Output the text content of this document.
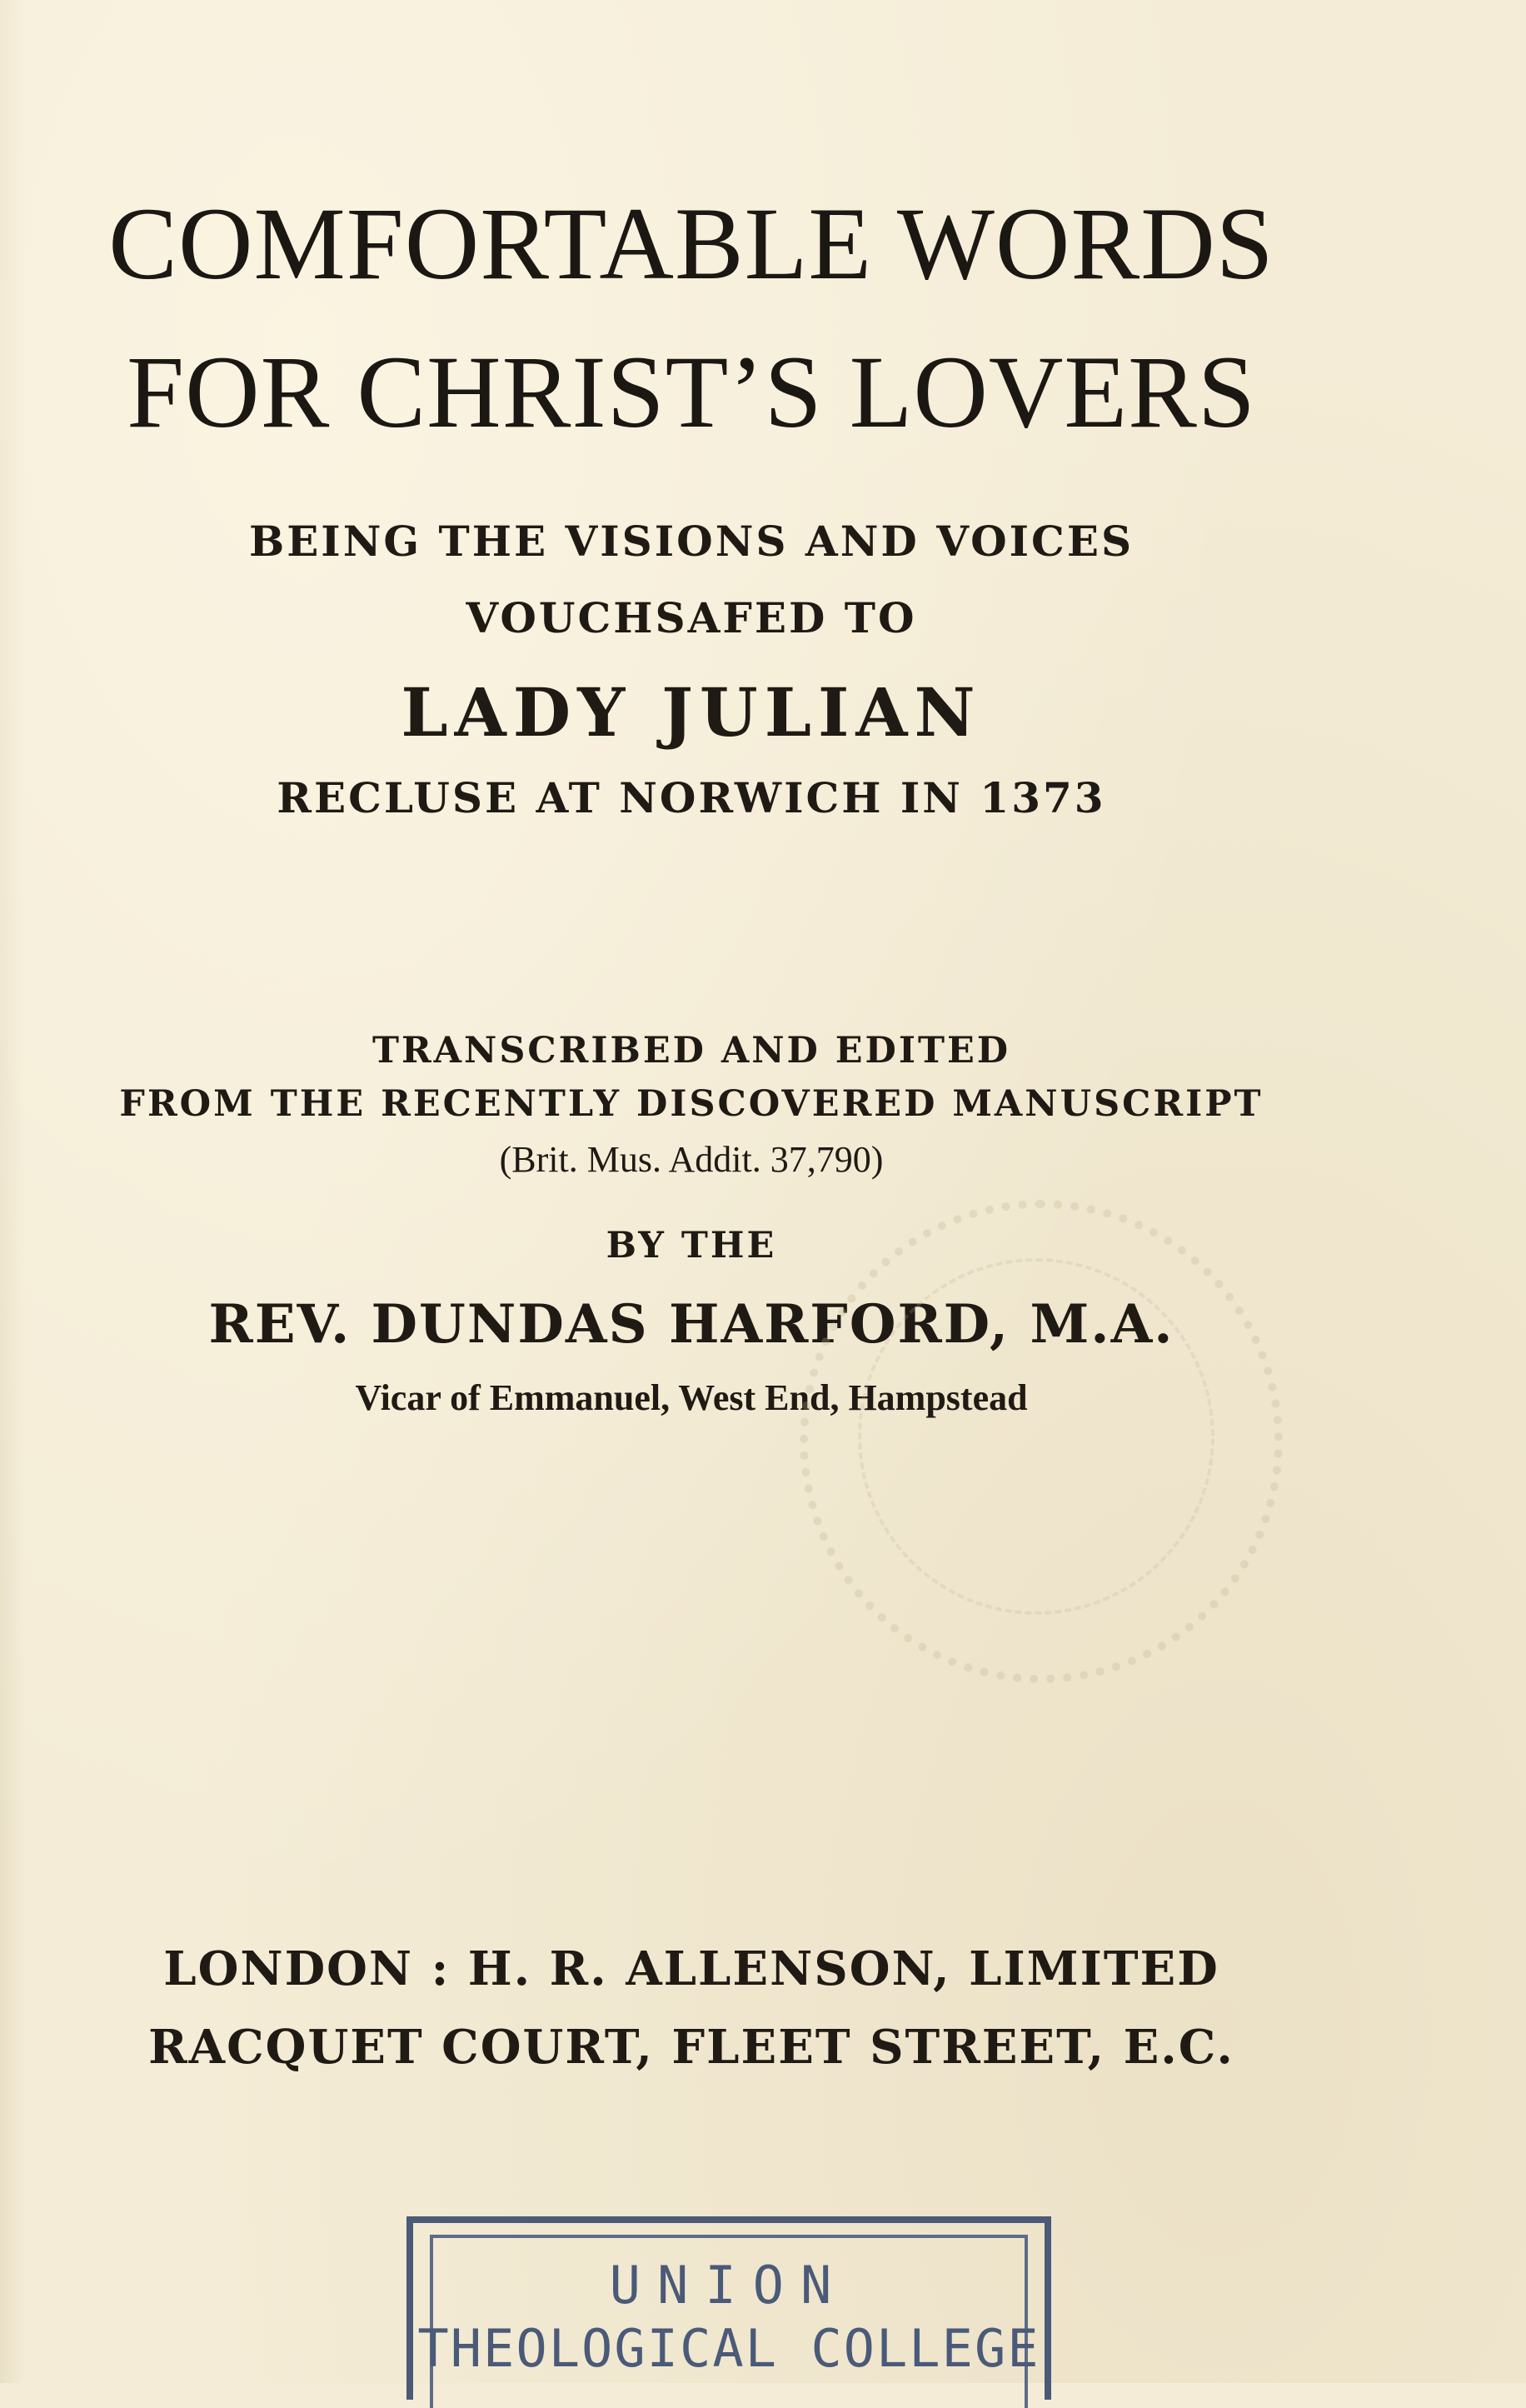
COMFORTABLE WORDS
FOR CHRIST’S LOVERS

BEING THE VISIONS AND VOICES

VOUCHSAFED TO

LADY JULIAN

RECLUSE AT NORWICH IN 1373

TRANSCRIBED AND EDITED

FROM THE RECENTLY DISCOVERED MANUSCRIPT

(Brit. Mus. Addit. 37,790)

BY THE

REV. DUNDAS HARFORD, M.A.

Vicar of Emmanuel, West End, Hampstead

LONDON : H. R. ALLENSON, LIMITED

RACQUET COURT, FLEET STREET, E.C.

UNION
THEOLOGICAL COLLEGE
